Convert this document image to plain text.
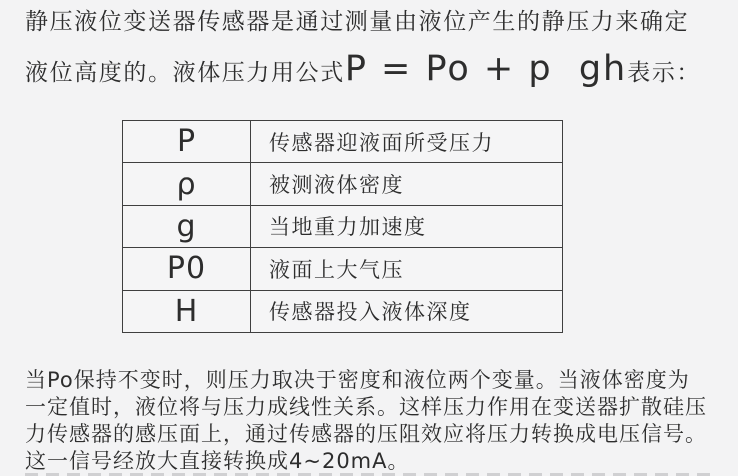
静压液位变送器传感器是通过测量由液位产生的静压力来确定
液位高度的。液体压力用公式P = Po + p  gh表示：
P	传感器迎液面所受压力
ρ	被测液体密度
g	当地重力加速度
P0	液面上大气压
H	传感器投入液体深度
当Po保持不变时，则压力取决于密度和液位两个变量。当液体密度为
一定值时，液位将与压力成线性关系。这样压力作用在变送器扩散硅压
力传感器的感压面上，通过传感器的压阻效应将压力转换成电压信号。
这一信号经放大直接转换成4~20mA。
